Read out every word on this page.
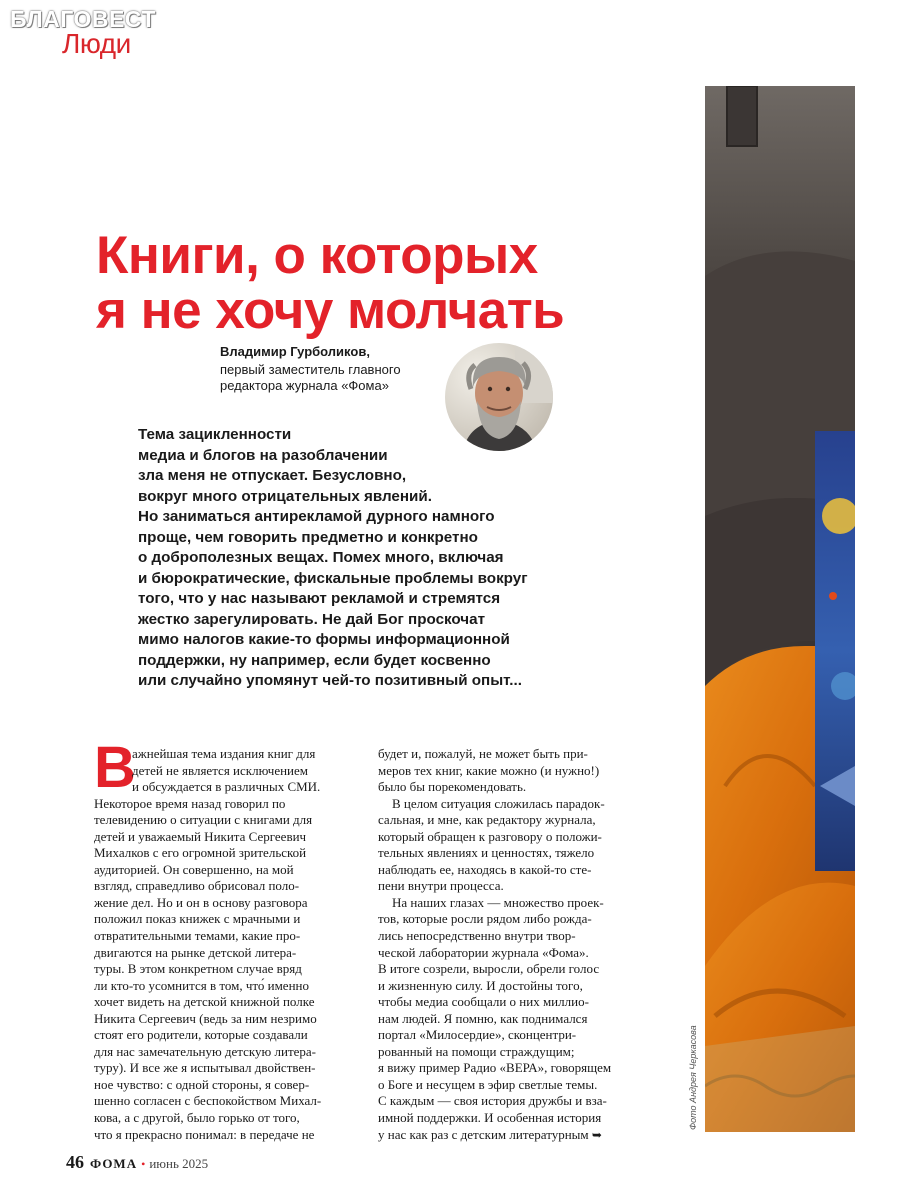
БЛАГОВЕСТ
Люди
Фото Андрея Черкасова
Книги, о которых
я не хочу молчать
Владимир Гурболиков,
первый заместитель главного
редактора журнала «Фома»
Тема зацикленности
медиа и блогов на разоблачении
зла меня не отпускает. Безусловно,
вокруг много отрицательных явлений.
Но заниматься антирекламой дурного намного
проще, чем говорить предметно и конкретно
о доброполезных вещах. Помех много, включая
и бюрократические, фискальные проблемы вокруг
того, что у нас называют рекламой и стремятся
жестко зарегулировать. Не дай Бог проскочат
мимо налогов какие-то формы информационной
поддержки, ну например, если будет косвенно
или случайно упомянут чей-то позитивный опыт...
В
ажнейшая тема издания книг для
детей не является исключением
и обсуждается в различных СМИ.
Некоторое время назад говорил по
телевидению о ситуации с книгами для
детей и уважаемый Никита Сергеевич
Михалков с его огромной зрительской
аудиторией. Он совершенно, на мой
взгляд, справедливо обрисовал поло-
жение дел. Но и он в основу разговора
положил показ книжек с мрачными и
отвратительными темами, какие про-
двигаются на рынке детской литера-
туры. В этом конкретном случае вряд
ли кто-то усомнится в том, что́ именно
хочет видеть на детской книжной полке
Никита Сергеевич (ведь за ним незримо
стоят его родители, которые создавали
для нас замечательную детскую литера-
туру). И все же я испытывал двойствен-
ное чувство: с одной стороны, я совер-
шенно согласен с беспокойством Михал-
кова, а с другой, было горько от того,
что я прекрасно понимал: в передаче не
будет и, пожалуй, не может быть при-
меров тех книг, какие можно (и нужно!)
было бы порекомендовать.
В целом ситуация сложилась парадок-
сальная, и мне, как редактору журнала,
который обращен к разговору о положи-
тельных явлениях и ценностях, тяжело
наблюдать ее, находясь в какой-то сте-
пени внутри процесса.
На наших глазах — множество проек-
тов, которые росли рядом либо рожда-
лись непосредственно внутри твор-
ческой лаборатории журнала «Фома».
В итоге созрели, выросли, обрели голос
и жизненную силу. И достойны того,
чтобы медиа сообщали о них миллио-
нам людей. Я помню, как поднимался
портал «Милосердие», сконцентри-
рованный на помощи страждущим;
я вижу пример Радио «ВЕРА», говорящем
о Боге и несущем в эфир светлые темы.
С каждым — своя история дружбы и вза-
имной поддержки. И особенная история
у нас как раз с детским литературным ➥
46 ФОМА • июнь 2025
